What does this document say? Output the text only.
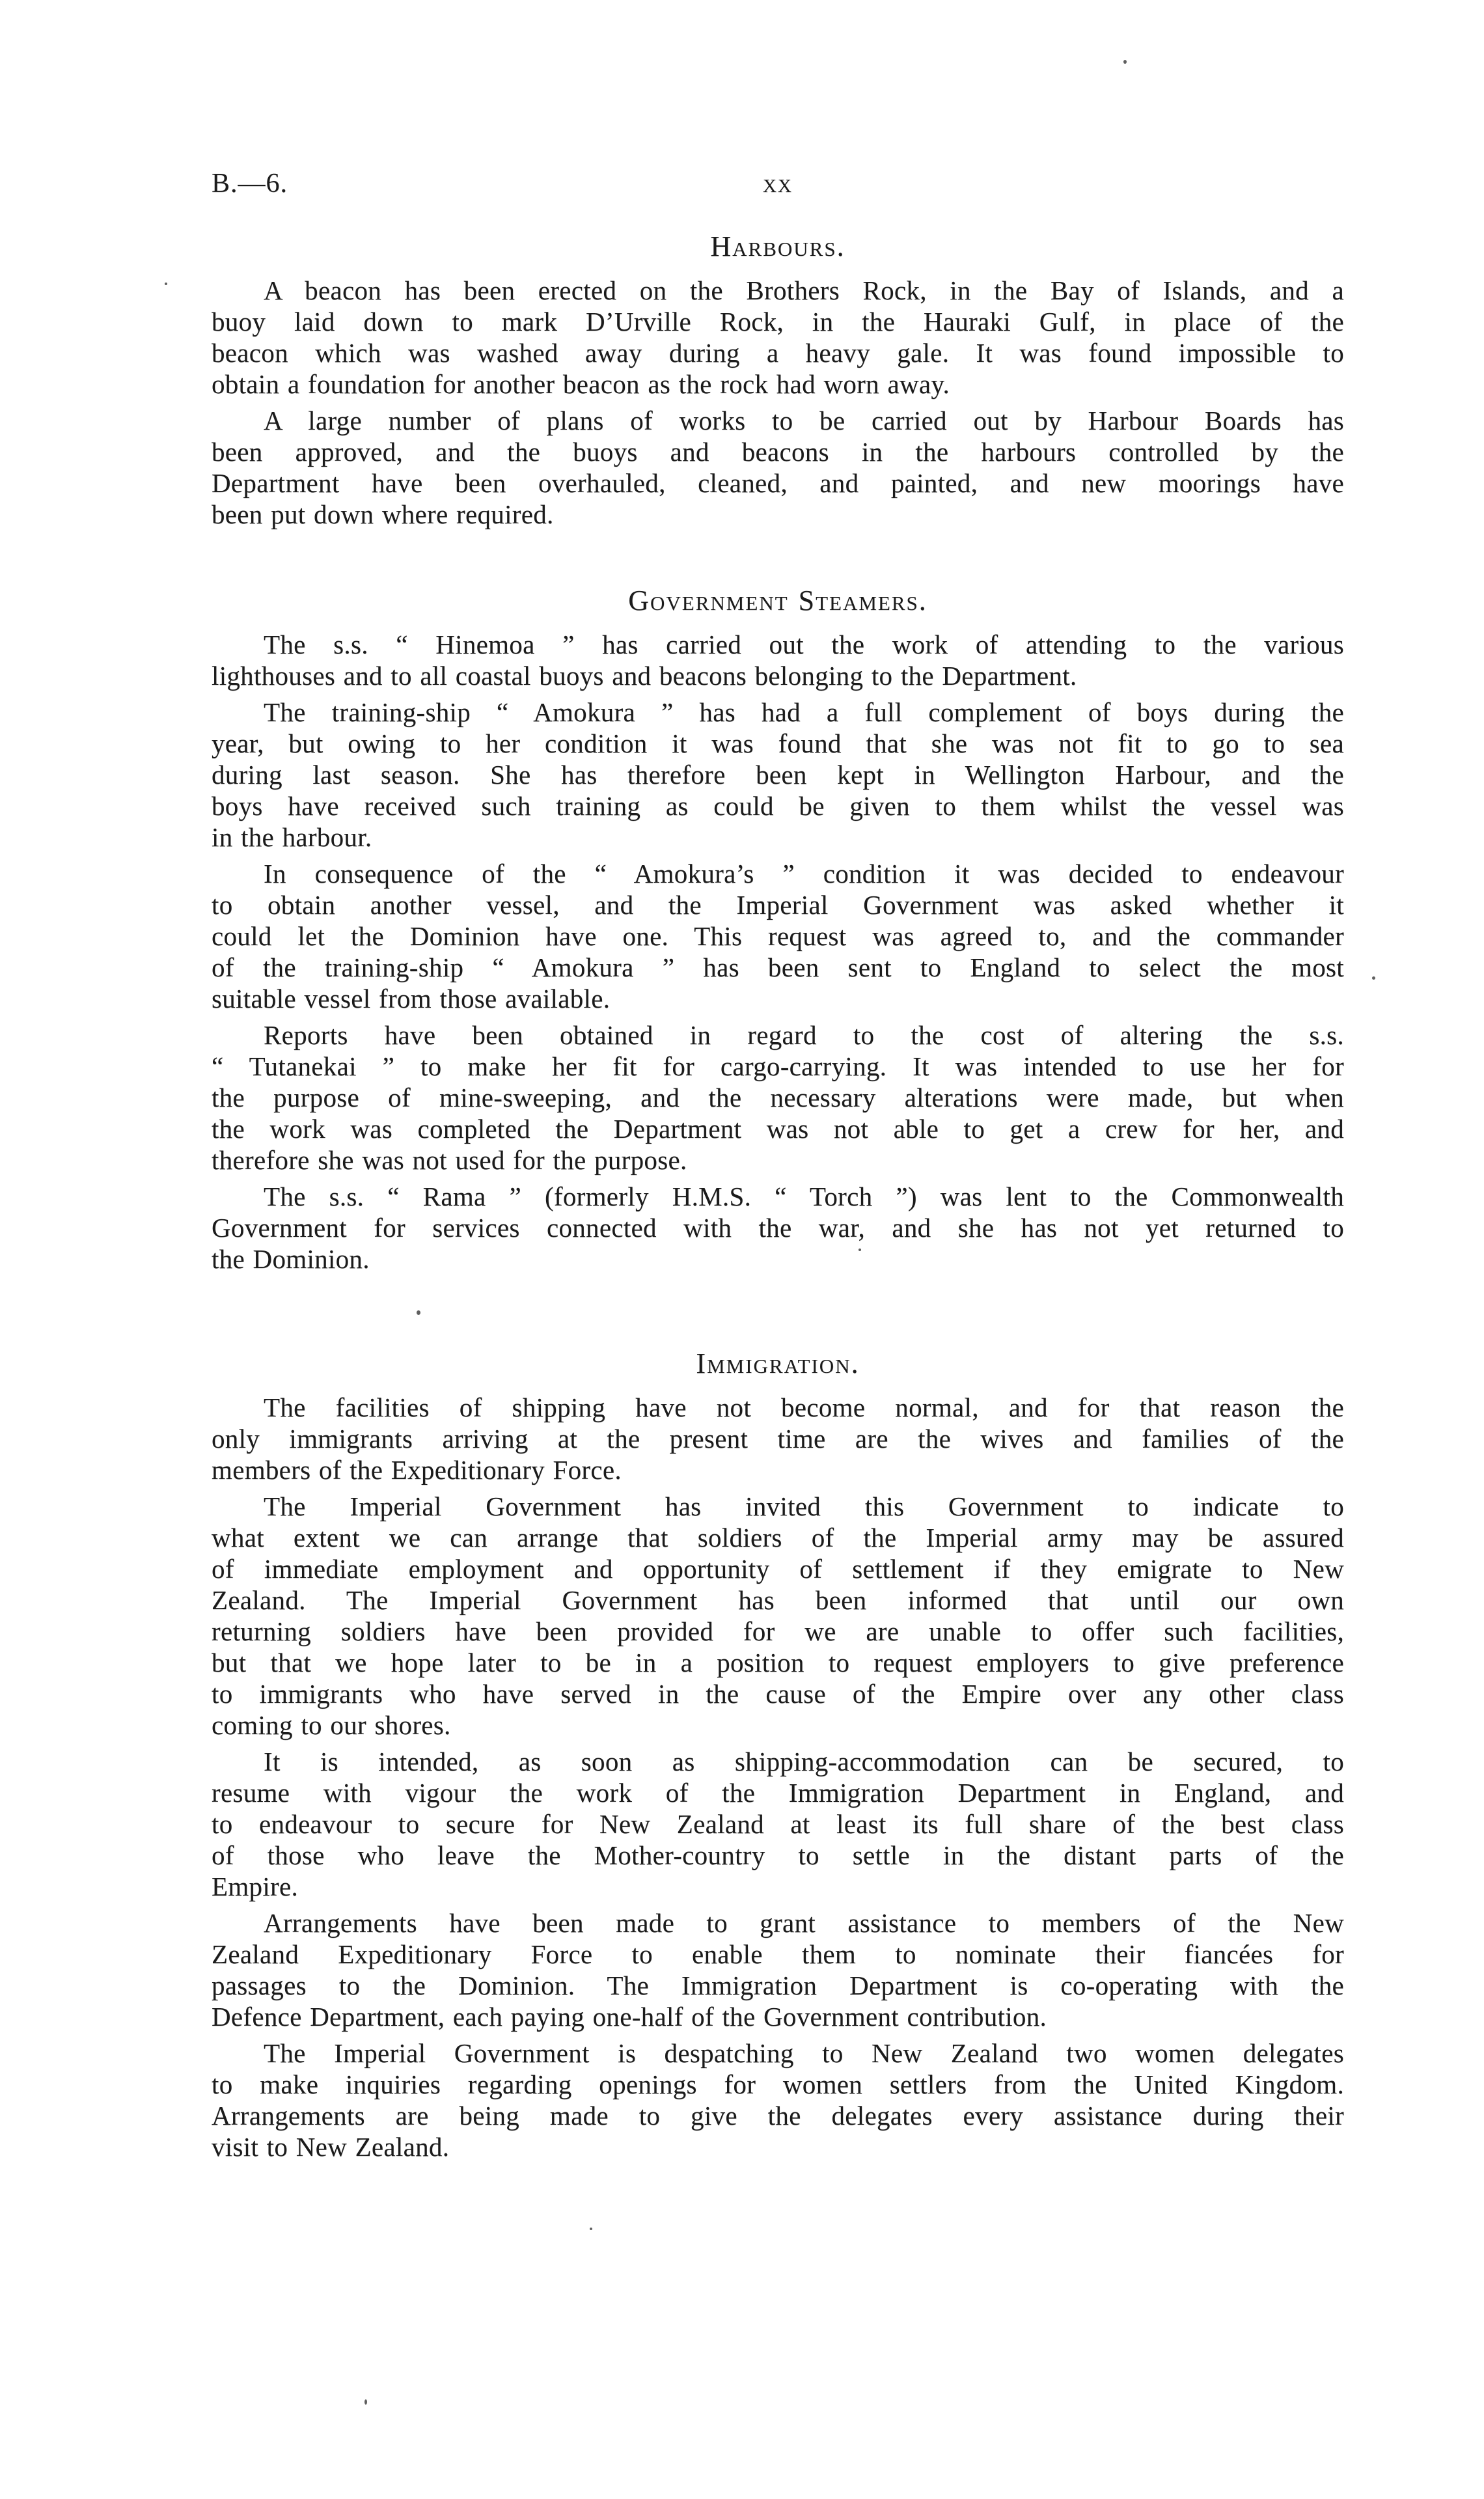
B.—6.	xx
Harbours.

A beacon has been erected on the Brothers Rock, in the Bay of Islands, and a
buoy laid down to mark D’Urville Rock, in the Hauraki Gulf, in place of the
beacon which was washed away during a heavy gale. It was found impossible to
obtain a foundation for another beacon as the rock had worn away.

A large number of plans of works to be carried out by Harbour Boards has
been approved, and the buoys and beacons in the harbours controlled by the
Department have been overhauled, cleaned, and painted, and new moorings have
been put down where required.

Government Steamers.

The s.s. “ Hinemoa ” has carried out the work of attending to the various
lighthouses and to all coastal buoys and beacons belonging to the Department.

The training-ship “ Amokura ” has had a full complement of boys during the
year, but owing to her condition it was found that she was not fit to go to sea
during last season. She has therefore been kept in Wellington Harbour, and the
boys have received such training as could be given to them whilst the vessel was
in the harbour.

In consequence of the “ Amokura’s ” condition it was decided to endeavour
to obtain another vessel, and the Imperial Government was asked whether it
could let the Dominion have one. This request was agreed to, and the commander
of the training-ship “ Amokura ” has been sent to England to select the most
suitable vessel from those available.

Reports have been obtained in regard to the cost of altering the s.s.
“ Tutanekai ” to make her fit for cargo-carrying. It was intended to use her for
the purpose of mine-sweeping, and the necessary alterations were made, but when
the work was completed the Department was not able to get a crew for her, and
therefore she was not used for the purpose.

The s.s. “ Rama ” (formerly H.M.S. “ Torch ”) was lent to the Commonwealth
Government for services connected with the war, and she has not yet returned to
the Dominion.

Immigration.

The facilities of shipping have not become normal, and for that reason the
only immigrants arriving at the present time are the wives and families of the
members of the Expeditionary Force.

The Imperial Government has invited this Government to indicate to
what extent we can arrange that soldiers of the Imperial army may be assured
of immediate employment and opportunity of settlement if they emigrate to New
Zealand. The Imperial Government has been informed that until our own
returning soldiers have been provided for we are unable to offer such facilities,
but that we hope later to be in a position to request employers to give preference
to immigrants who have served in the cause of the Empire over any other class
coming to our shores.

It is intended, as soon as shipping-accommodation can be secured, to
resume with vigour the work of the Immigration Department in England, and
to endeavour to secure for New Zealand at least its full share of the best class
of those who leave the Mother-country to settle in the distant parts of the
Empire.

Arrangements have been made to grant assistance to members of the New
Zealand Expeditionary Force to enable them to nominate their fiancées for
passages to the Dominion. The Immigration Department is co-operating with the
Defence Department, each paying one-half of the Government contribution.

The Imperial Government is despatching to New Zealand two women delegates
to make inquiries regarding openings for women settlers from the United Kingdom.
Arrangements are being made to give the delegates every assistance during their
visit to New Zealand.
